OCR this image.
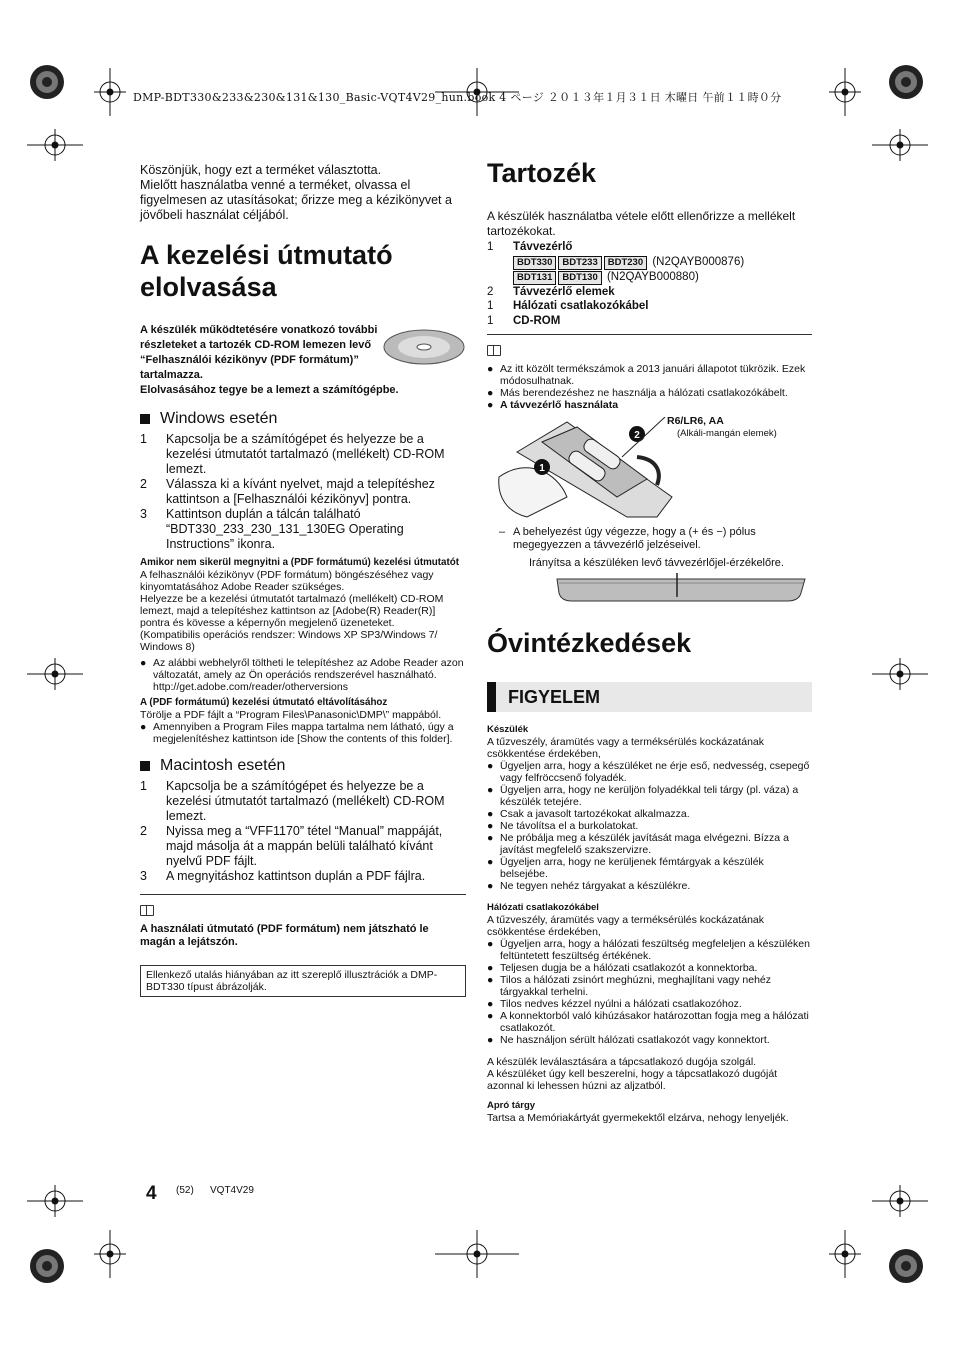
DMP-BDT330&233&230&131&130_Basic-VQT4V29_hun.book 4 ページ ２０１３年１月３１日 木曜日 午前１１時０分

Köszönjük, hogy ezt a terméket választotta.
Mielőtt használatba venné a terméket, olvassa el figyelmesen az utasításokat; őrizze meg a kézikönyvet a jövőbeli használat céljából.

A kezelési útmutató elolvasása

A készülék működtetésére vonatkozó további részleteket a tartozék CD-ROM lemezen levő “Felhasználói kézikönyv (PDF formátum)” tartalmazza.

Elolvasásához tegye be a lemezt a számítógépbe.

Windows esetén
1	Kapcsolja be a számítógépet és helyezze be a kezelési útmutatót tartalmazó (mellékelt) CD-ROM lemezt.
2	Válassza ki a kívánt nyelvet, majd a telepítéshez kattintson a [Felhasználói kézikönyv] pontra.
3	Kattintson duplán a tálcán található “BDT330_233_230_131_130EG Operating Instructions” ikonra.

Amikor nem sikerül megnyitni a (PDF formátumú) kezelési útmutatót

A felhasználói kézikönyv (PDF formátum) böngészéséhez vagy kinyomtatásához Adobe Reader szükséges.
Helyezze be a kezelési útmutatót tartalmazó (mellékelt) CD-ROM lemezt, majd a telepítéshez kattintson az [Adobe(R) Reader(R)] pontra és kövesse a képernyőn megjelenő üzeneteket.
(Kompatibilis operációs rendszer: Windows XP SP3/Windows 7/ Windows 8)

● Az alábbi webhelyről töltheti le telepítéshez az Adobe Reader azon változatát, amely az Ön operációs rendszerével használható.
http://get.adobe.com/reader/otherversions

A (PDF formátumú) kezelési útmutató eltávolításához

Törölje a PDF fájlt a “Program Files\Panasonic\DMP\” mappából.

● Amennyiben a Program Files mappa tartalma nem látható, úgy a megjelenítéshez kattintson ide [Show the contents of this folder].
Macintosh esetén
1	Kapcsolja be a számítógépet és helyezze be a kezelési útmutatót tartalmazó (mellékelt) CD-ROM lemezt.
2	Nyissa meg a “VFF1170” tétel “Manual” mappáját, majd másolja át a mappán belüli található kívánt nyelvű PDF fájlt.
3	A megnyitáshoz kattintson duplán a PDF fájlra.

A használati útmutató (PDF formátum) nem játszható le magán a lejátszón.

Ellenkező utalás hiányában az itt szereplő illusztrációk a DMP-BDT330 típust ábrázolják.

Tartozék

A készülék használatba vétele előtt ellenőrizze a mellékelt tartozékokat.

1	Távvezérlő
BDT330 BDT233 BDT230 (N2QAYB000876)
BDT131 BDT130 (N2QAYB000880)
2	Távvezérlő elemek
1	Hálózati csatlakozókábel
1	CD-ROM
● Az itt közölt termékszámok a 2013 januári állapotot tükrözik. Ezek módosulhatnak.
● Más berendezéshez ne használja a hálózati csatlakozókábelt.
● A távvezérlő használata
1
2
R6/LR6, AA
(Alkáli-mangán elemek)
– A behelyezést úgy végezze, hogy a (+ és −) pólus megegyezzen a távvezérlő jelzéseivel.
Irányítsa a készüléken levő távvezérlőjel-érzékelőre.
Óvintézkedések
FIGYELEM

Készülék

A tűzveszély, áramütés vagy a terméksérülés kockázatának csökkentése érdekében,

● Ügyeljen arra, hogy a készüléket ne érje eső, nedvesség, csepegő vagy felfröccsenő folyadék.
● Ügyeljen arra, hogy ne kerüljön folyadékkal teli tárgy (pl. váza) a készülék tetejére.
● Csak a javasolt tartozékokat alkalmazza.
● Ne távolítsa el a burkolatokat.
● Ne próbálja meg a készülék javítását maga elvégezni. Bízza a javítást megfelelő szakszervizre.
● Ügyeljen arra, hogy ne kerüljenek fémtárgyak a készülék belsejébe.
● Ne tegyen nehéz tárgyakat a készülékre.

Hálózati csatlakozókábel

A tűzveszély, áramütés vagy a terméksérülés kockázatának csökkentése érdekében,

● Ügyeljen arra, hogy a hálózati feszültség megfeleljen a készüléken feltüntetett feszültség értékének.
● Teljesen dugja be a hálózati csatlakozót a konnektorba.
● Tilos a hálózati zsinórt meghúzni, meghajlítani vagy nehéz tárgyakkal terhelni.
● Tilos nedves kézzel nyúlni a hálózati csatlakozóhoz.
● A konnektorból való kihúzásakor határozottan fogja meg a hálózati csatlakozót.
● Ne használjon sérült hálózati csatlakozót vagy konnektort.

A készülék leválasztására a tápcsatlakozó dugója szolgál.
A készüléket úgy kell beszerelni, hogy a tápcsatlakozó dugóját azonnal ki lehessen húzni az aljzatból.

Apró tárgy

Tartsa a Memóriakártyát gyermekektől elzárva, nehogy lenyeljék.

4 (52) VQT4V29
